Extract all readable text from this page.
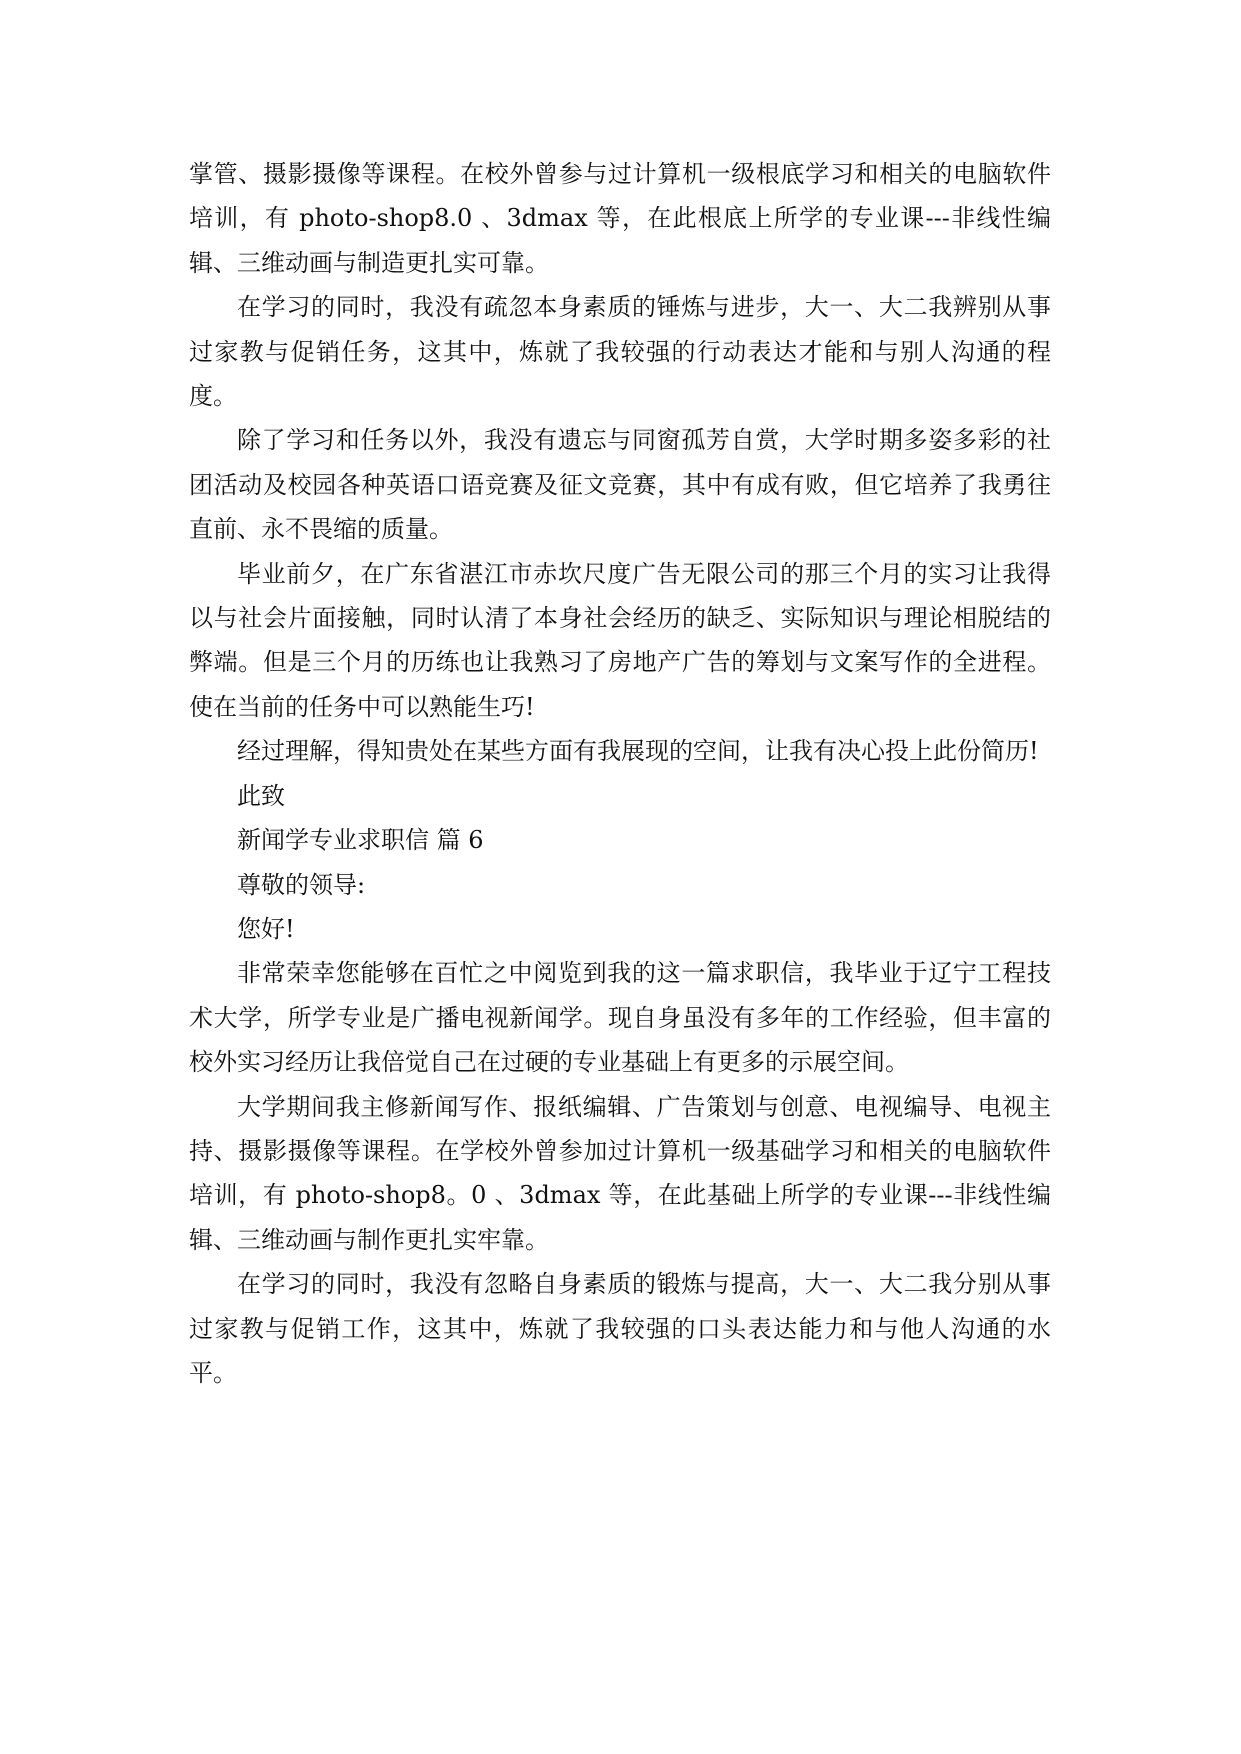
掌管、摄影摄像等课程。在校外曾参与过计算机一级根底学习和相关的电脑软件培训，有 photo-shop8.0 、3dmax 等，在此根底上所学的专业课---非线性编辑、三维动画与制造更扎实可靠。

在学习的同时，我没有疏忽本身素质的锤炼与进步，大一、大二我辨别从事过家教与促销任务，这其中，炼就了我较强的行动表达才能和与别人沟通的程度。

除了学习和任务以外，我没有遗忘与同窗孤芳自赏，大学时期多姿多彩的社团活动及校园各种英语口语竞赛及征文竞赛，其中有成有败，但它培养了我勇往直前、永不畏缩的质量。

毕业前夕，在广东省湛江市赤坎尺度广告无限公司的那三个月的实习让我得以与社会片面接触，同时认清了本身社会经历的缺乏、实际知识与理论相脱结的弊端。但是三个月的历练也让我熟习了房地产广告的筹划与文案写作的全进程。使在当前的任务中可以熟能生巧!

经过理解，得知贵处在某些方面有我展现的空间，让我有决心投上此份简历!

此致

新闻学专业求职信 篇 6

尊敬的领导:

您好!

非常荣幸您能够在百忙之中阅览到我的这一篇求职信，我毕业于辽宁工程技术大学，所学专业是广播电视新闻学。现自身虽没有多年的工作经验，但丰富的校外实习经历让我倍觉自己在过硬的专业基础上有更多的示展空间。

大学期间我主修新闻写作、报纸编辑、广告策划与创意、电视编导、电视主持、摄影摄像等课程。在学校外曾参加过计算机一级基础学习和相关的电脑软件培训，有 photo-shop8。0 、3dmax 等，在此基础上所学的专业课---非线性编辑、三维动画与制作更扎实牢靠。

在学习的同时，我没有忽略自身素质的锻炼与提高，大一、大二我分别从事过家教与促销工作，这其中，炼就了我较强的口头表达能力和与他人沟通的水平。
